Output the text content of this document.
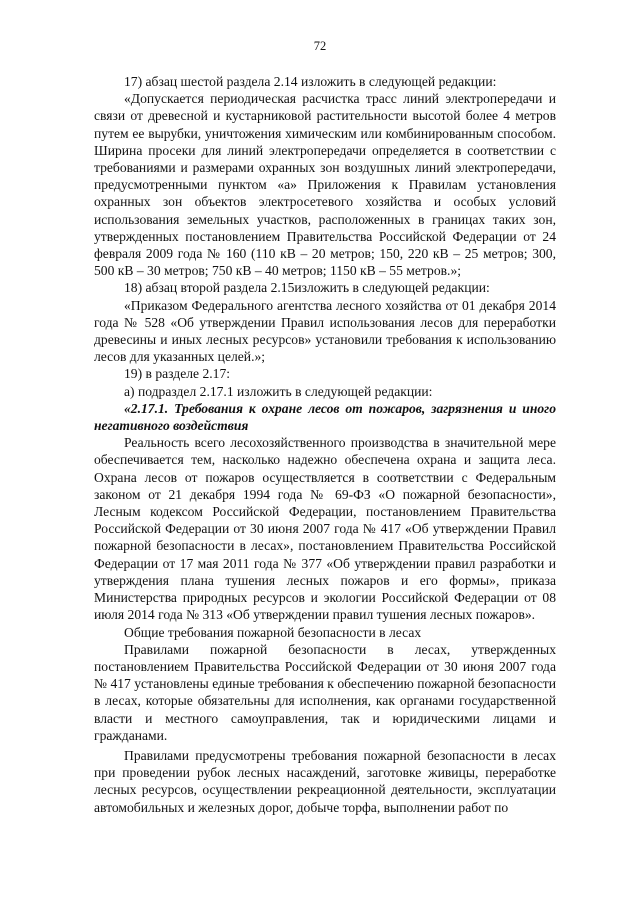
72

17) абзац шестой раздела 2.14 изложить в следующей редакции:

«Допускается периодическая расчистка трасс линий электропередачи и связи от древесной и кустарниковой растительности высотой более 4 метров путем ее вырубки, уничтожения химическим или комбинированным способом. Ширина просеки для линий электропередачи определяется в соответствии с требованиями и размерами охранных зон воздушных линий электропередачи, предусмотренными пунктом «а» Приложения к Правилам установления охранных зон объектов электросетевого хозяйства и особых условий использования земельных участков, расположенных в границах таких зон, утвержденных постановлением Правительства Российской Федерации от 24 февраля 2009 года № 160 (110 кВ – 20 метров; 150, 220 кВ – 25 метров; 300, 500 кВ – 30 метров; 750 кВ – 40 метров; 1150 кВ – 55 метров.»;

18) абзац второй раздела 2.15изложить в следующей редакции:

«Приказом Федерального агентства лесного хозяйства от 01 декабря 2014 года № 528 «Об утверждении Правил использования лесов для переработки древесины и иных лесных ресурсов» установили требования к использованию лесов для указанных целей.»;

19) в разделе 2.17:

а) подраздел 2.17.1 изложить в следующей редакции:

«2.17.1. Требования к охране лесов от пожаров, загрязнения и иного негативного воздействия

Реальность всего лесохозяйственного производства в значительной мере обеспечивается тем, насколько надежно обеспечена охрана и защита леса. Охрана лесов от пожаров осуществляется в соответствии с Федеральным законом от 21 декабря 1994 года № 69-ФЗ «О пожарной безопасности», Лесным кодексом Российской Федерации, постановлением Правительства Российской Федерации от 30 июня 2007 года № 417 «Об утверждении Правил пожарной безопасности в лесах», постановлением Правительства Российской Федерации от 17 мая 2011 года № 377 «Об утверждении правил разработки и утверждения плана тушения лесных пожаров и его формы», приказа Министерства природных ресурсов и экологии Российской Федерации от 08 июля 2014 года № 313 «Об утверждении правил тушения лесных пожаров».

Общие требования пожарной безопасности в лесах

Правилами пожарной безопасности в лесах, утвержденных постановлением Правительства Российской Федерации от 30 июня 2007 года № 417 установлены единые требования к обеспечению пожарной безопасности в лесах, которые обязательны для исполнения, как органами государственной власти и местного самоуправления, так и юридическими лицами и гражданами.

Правилами предусмотрены требования пожарной безопасности в лесах при проведении рубок лесных насаждений, заготовке живицы, переработке лесных ресурсов, осуществлении рекреационной деятельности, эксплуатации автомобильных и железных дорог, добыче торфа, выполнении работ по
